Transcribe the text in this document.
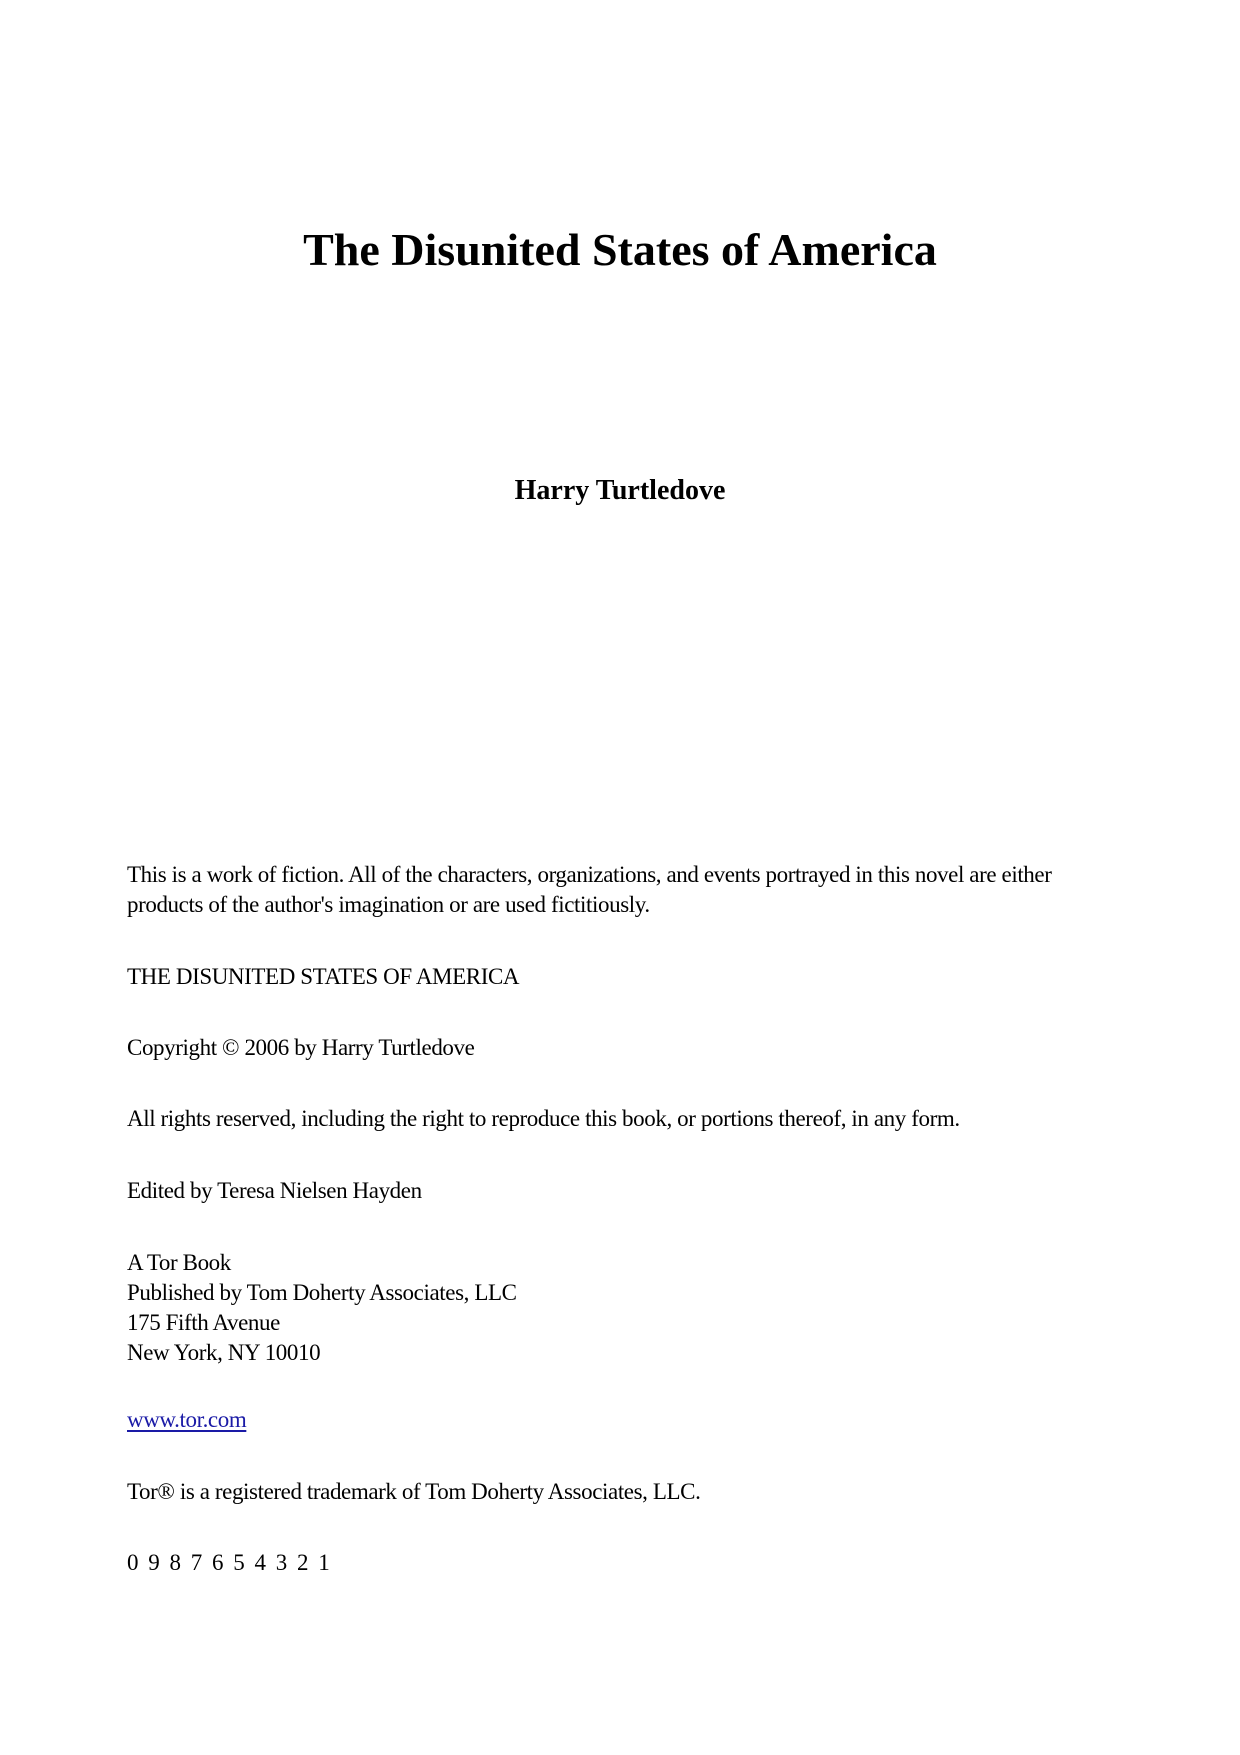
The Disunited States of America
Harry Turtledove

This is a work of fiction. All of the characters, organizations, and events portrayed in this novel are either
products of the author's imagination or are used fictitiously.

THE DISUNITED STATES OF AMERICA

Copyright © 2006 by Harry Turtledove

All rights reserved, including the right to reproduce this book, or portions thereof, in any form.

Edited by Teresa Nielsen Hayden

A Tor Book
Published by Tom Doherty Associates, LLC
175 Fifth Avenue
New York, NY 10010

www.tor.com

Tor® is a registered trademark of Tom Doherty Associates, LLC.

0 9 8 7 6 5 4 3 2 1
